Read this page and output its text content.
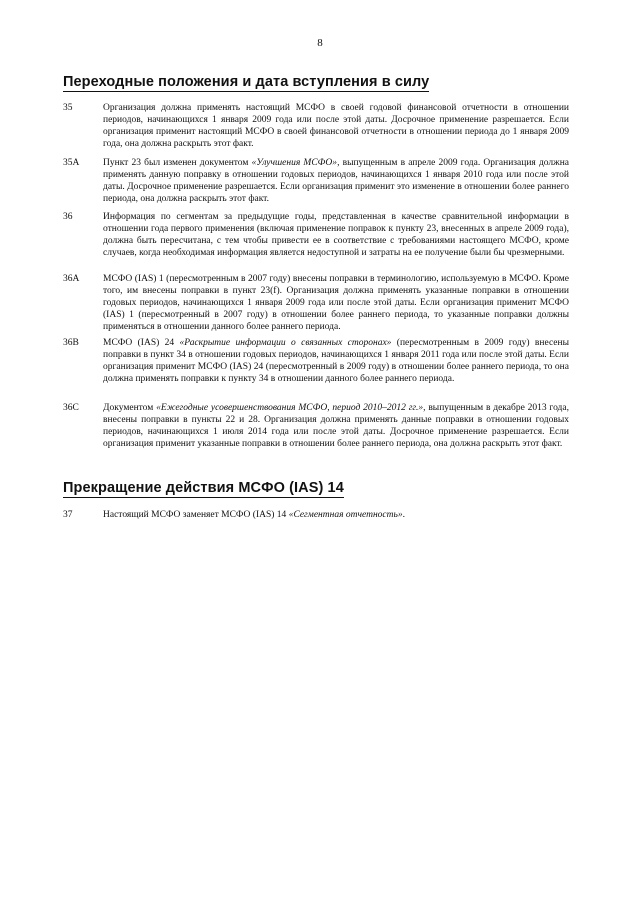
8
Переходные положения и дата вступления в силу
35	Организация должна применять настоящий МСФО в своей годовой финансовой отчетности в отношении периодов, начинающихся 1 января 2009 года или после этой даты. Досрочное применение разрешается. Если организация применит настоящий МСФО в своей финансовой отчетности в отношении периода до 1 января 2009 года, она должна раскрыть этот факт.
35A Пункт 23 был изменен документом «Улучшения МСФО», выпущенным в апреле 2009 года. Организация должна применять данную поправку в отношении годовых периодов, начинающихся 1 января 2010 года или после этой даты. Досрочное применение разрешается. Если организация применит это изменение в отношении более раннего периода, она должна раскрыть этот факт.
36	Информация по сегментам за предыдущие годы, представленная в качестве сравнительной информации в отношении года первого применения (включая применение поправок к пункту 23, внесенных в апреле 2009 года), должна быть пересчитана, с тем чтобы привести ее в соответствие с требованиями настоящего МСФО, кроме случаев, когда необходимая информация является недоступной и затраты на ее получение были бы чрезмерными.
36A МСФО (IAS) 1 (пересмотренным в 2007 году) внесены поправки в терминологию, используемую в МСФО. Кроме того, им внесены поправки в пункт 23(f). Организация должна применять указанные поправки в отношении годовых периодов, начинающихся 1 января 2009 года или после этой даты. Если организация применит МСФО (IAS) 1 (пересмотренный в 2007 году) в отношении более раннего периода, то указанные поправки должны применяться в отношении данного более раннего периода.
36B	МСФО (IAS) 24 «Раскрытие информации о связанных сторонах» (пересмотренным в 2009 году) внесены поправки в пункт 34 в отношении годовых периодов, начинающихся 1 января 2011 года или после этой даты. Если организация применит МСФО (IAS) 24 (пересмотренный в 2009 году) в отношении более раннего периода, то она должна применять поправки к пункту 34 в отношении данного более раннего периода.
36C	Документом «Ежегодные усовершенствования МСФО, период 2010–2012 гг.», выпущенным в декабре 2013 года, внесены поправки в пункты 22 и 28. Организация должна применять данные поправки в отношении годовых периодов, начинающихся 1 июля 2014 года или после этой даты. Досрочное применение разрешается. Если организация применит указанные поправки в отношении более раннего периода, она должна раскрыть этот факт.
Прекращение действия МСФО (IAS) 14
37	Настоящий МСФО заменяет МСФО (IAS) 14 «Сегментная отчетность».
